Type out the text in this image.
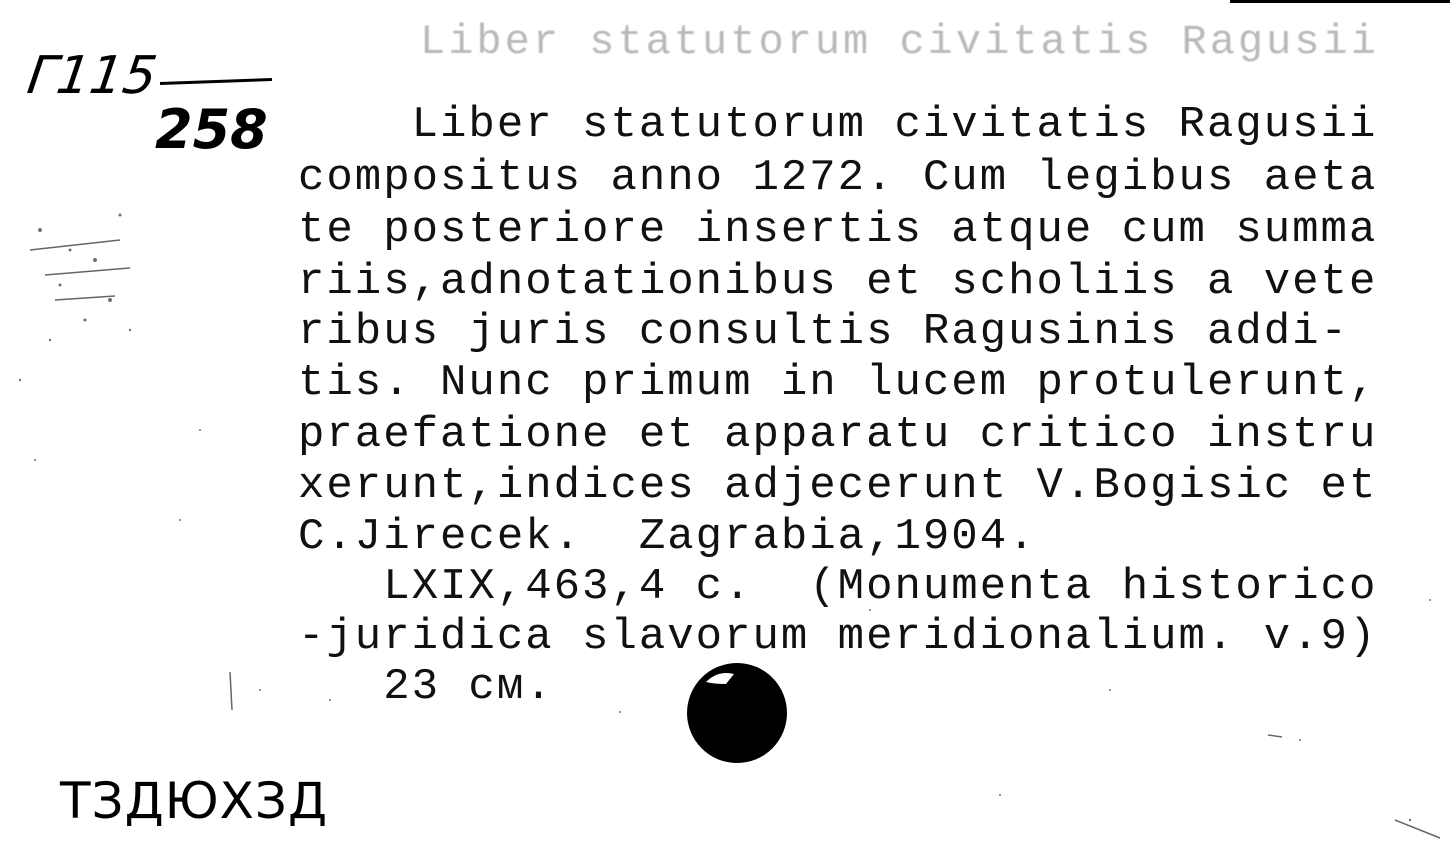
Liber statutorum civitatis Ragusii
Г115
258

Liber statutorum civitatis Ragusii

compositus anno 1272. Cum legibus aeta

te posteriore insertis atque cum summa

riis,adnotationibus et scholiis a vete

ribus juris consultis Ragusinis addi-

tis. Nunc primum in lucem protulerunt,

praefatione et apparatu critico instru

xerunt,indices adjecerunt V.Bogisic et

C.Jirecek.  Zagrabia,1904.

LXIX,463,4 c.  (Monumenta historico

-juridica slavorum meridionalium. v.9)

23 см.

ТЗДЮХЗД
